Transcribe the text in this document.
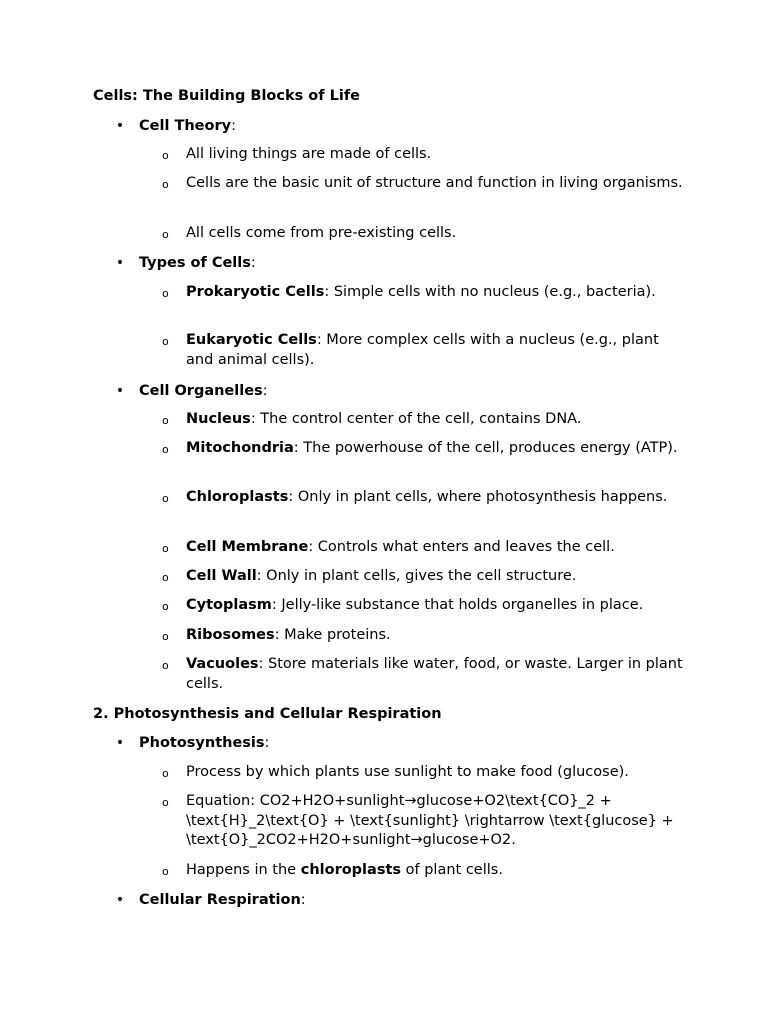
Cells: The Building Blocks of Life

• Cell Theory:

o All living things are made of cells.

o Cells are the basic unit of structure and function in living organisms.

o All cells come from pre-existing cells.

• Types of Cells:

o Prokaryotic Cells: Simple cells with no nucleus (e.g., bacteria).

o Eukaryotic Cells: More complex cells with a nucleus (e.g., plant and animal cells).

• Cell Organelles:

o Nucleus: The control center of the cell, contains DNA.

o Mitochondria: The powerhouse of the cell, produces energy (ATP).

o Chloroplasts: Only in plant cells, where photosynthesis happens.

o Cell Membrane: Controls what enters and leaves the cell.

o Cell Wall: Only in plant cells, gives the cell structure.

o Cytoplasm: Jelly-like substance that holds organelles in place.

o Ribosomes: Make proteins.

o Vacuoles: Store materials like water, food, or waste. Larger in plant cells.

2. Photosynthesis and Cellular Respiration

• Photosynthesis:

o Process by which plants use sunlight to make food (glucose).

o Equation: CO2+H2O+sunlight→glucose+O2\text{CO}_2 + \text{H}_2\text{O} + \text{sunlight} \rightarrow \text{glucose} + \text{O}_2CO2+H2O+sunlight→glucose+O2.

o Happens in the chloroplasts of plant cells.

• Cellular Respiration:
